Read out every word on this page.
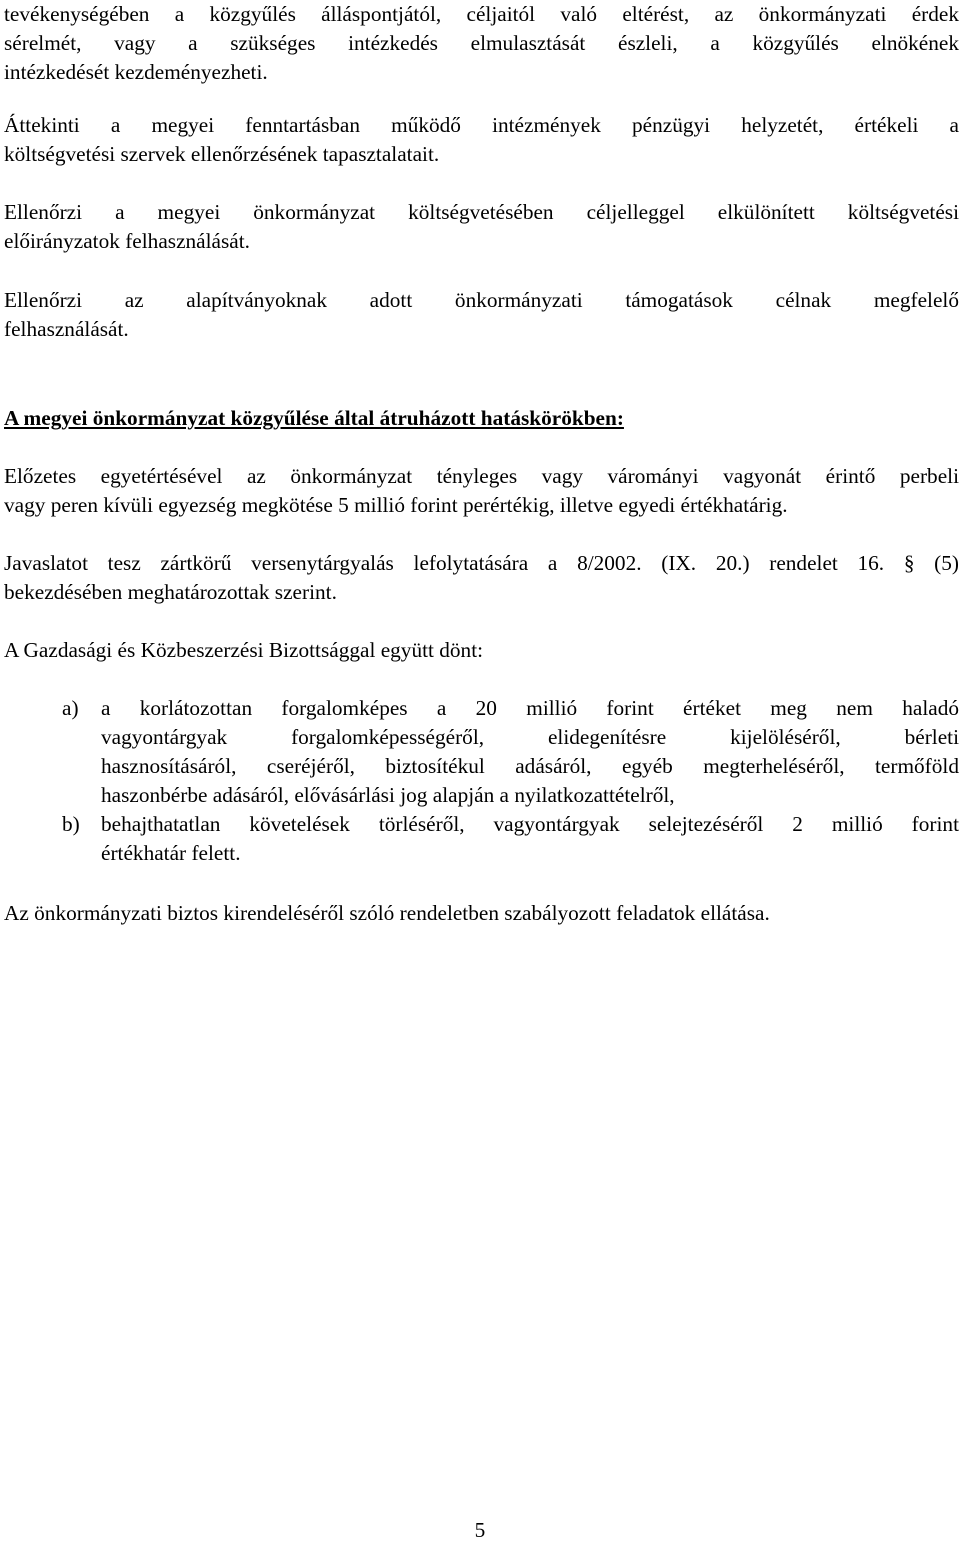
tevékenységében a közgyűlés álláspontjától, céljaitól való eltérést, az önkormányzati érdek
sérelmét, vagy a szükséges intézkedés elmulasztását észleli, a közgyűlés elnökének
intézkedését kezdeményezheti.

Áttekinti a megyei fenntartásban működő intézmények pénzügyi helyzetét, értékeli a
költségvetési szervek ellenőrzésének tapasztalatait.

Ellenőrzi a megyei önkormányzat költségvetésében céljelleggel elkülönített költségvetési
előirányzatok felhasználását.

Ellenőrzi az alapítványoknak adott önkormányzati támogatások célnak megfelelő
felhasználását.

A megyei önkormányzat közgyűlése által átruházott hatáskörökben:

Előzetes egyetértésével az önkormányzat tényleges vagy várományi vagyonát érintő perbeli
vagy peren kívüli egyezség megkötése 5 millió forint perértékig, illetve egyedi értékhatárig.

Javaslatot tesz zártkörű versenytárgyalás lefolytatására a 8/2002. (IX. 20.) rendelet 16. § (5)
bekezdésében meghatározottak szerint.

A Gazdasági és Közbeszerzési Bizottsággal együtt dönt:

a) a korlátozottan forgalomképes a 20 millió forint értéket meg nem haladó
vagyontárgyak forgalomképességéről, elidegenítésre kijelöléséről, bérleti
hasznosításáról, cseréjéről, biztosítékul adásáról, egyéb megterheléséről, termőföld
haszonbérbe adásáról, elővásárlási jog alapján a nyilatkozattételről,
b) behajthatatlan követelések törléséről, vagyontárgyak selejtezéséről 2 millió forint
értékhatár felett.

Az önkormányzati biztos kirendeléséről szóló rendeletben szabályozott feladatok ellátása.

5
